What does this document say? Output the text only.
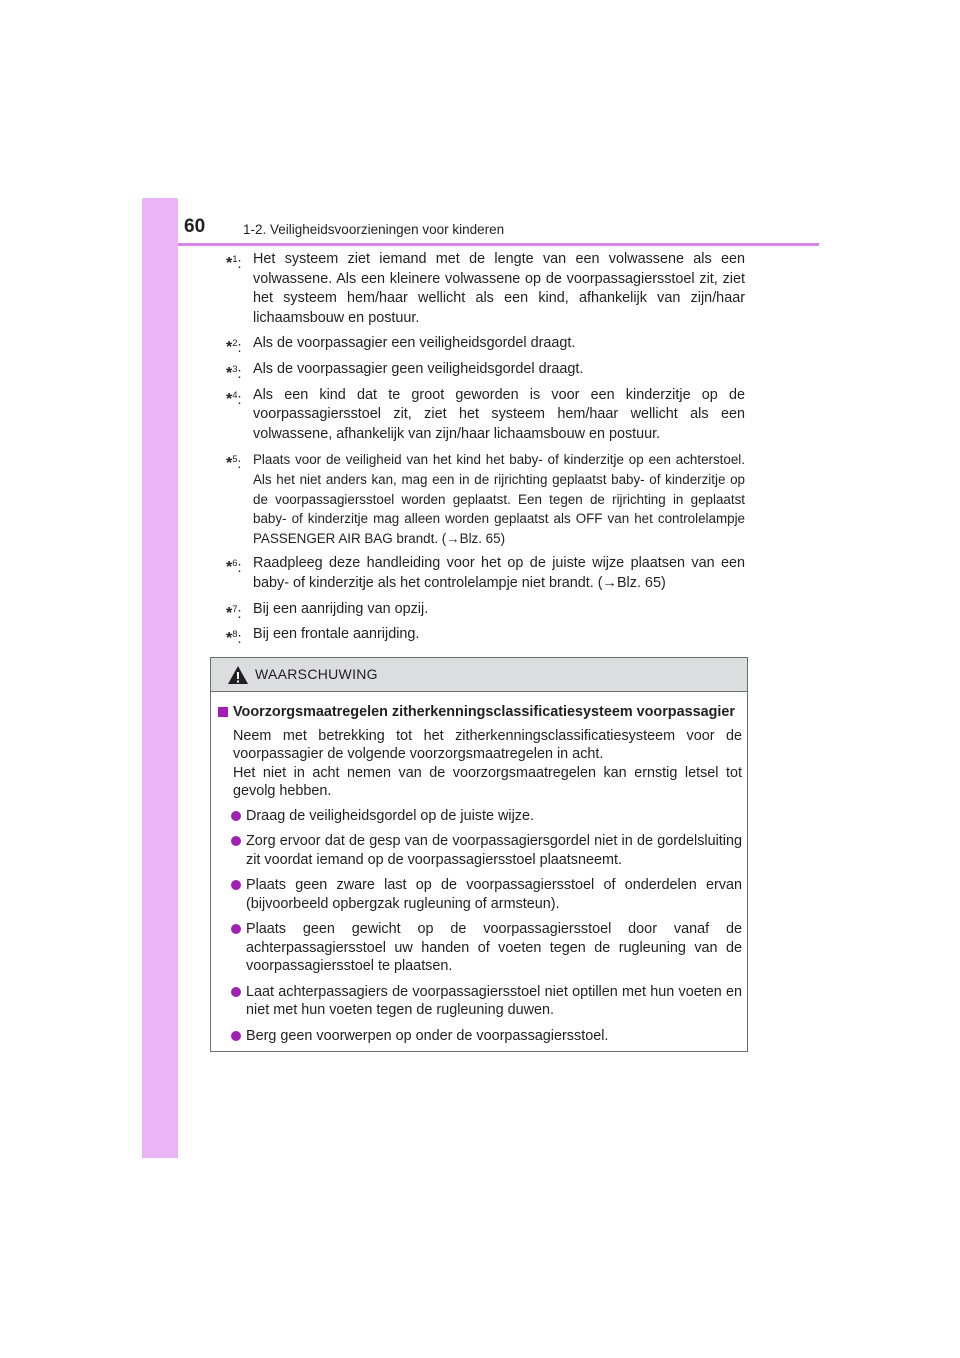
60	1-2. Veiligheidsvoorzieningen voor kinderen
*$^1$: Het systeem ziet iemand met de lengte van een volwassene als een volwassene. Als een kleinere volwassene op de voorpassagiersstoel zit, ziet het systeem hem/haar wellicht als een kind, afhankelijk van zijn/haar lichaamsbouw en postuur.
*$^2$: Als de voorpassagier een veiligheidsgordel draagt.
*$^3$: Als de voorpassagier geen veiligheidsgordel draagt.
*$^4$: Als een kind dat te groot geworden is voor een kinderzitje op de voorpassagiersstoel zit, ziet het systeem hem/haar wellicht als een volwassene, afhankelijk van zijn/haar lichaamsbouw en postuur.
*$^5$: Plaats voor de veiligheid van het kind het baby- of kinderzitje op een achterstoel. Als het niet anders kan, mag een in de rijrichting geplaatst baby- of kinderzitje op de voorpassagiersstoel worden geplaatst. Een tegen de rijrichting in geplaatst baby- of kinderzitje mag alleen worden geplaatst als OFF van het controlelampje PASSENGER AIR BAG brandt. (→Blz. 65)
*$^6$: Raadpleeg deze handleiding voor het op de juiste wijze plaatsen van een baby- of kinderzitje als het controlelampje niet brandt. (→Blz. 65)
*$^7$: Bij een aanrijding van opzij.
*$^8$: Bij een frontale aanrijding.
WAARSCHUWING
Voorzorgsmaatregelen zitherkenningsclassificatiesysteem voorpassagier
Neem met betrekking tot het zitherkenningsclassificatiesysteem voor de voorpassagier de volgende voorzorgsmaatregelen in acht.
Het niet in acht nemen van de voorzorgsmaatregelen kan ernstig letsel tot gevolg hebben.
Draag de veiligheidsgordel op de juiste wijze.
Zorg ervoor dat de gesp van de voorpassagiersgordel niet in de gordelsluiting zit voordat iemand op de voorpassagiersstoel plaatsneemt.
Plaats geen zware last op de voorpassagiersstoel of onderdelen ervan (bijvoorbeeld opbergzak rugleuning of armsteun).
Plaats geen gewicht op de voorpassagiersstoel door vanaf de achterpassagiersstoel uw handen of voeten tegen de rugleuning van de voorpassagiersstoel te plaatsen.
Laat achterpassagiers de voorpassagiersstoel niet optillen met hun voeten en niet met hun voeten tegen de rugleuning duwen.
Berg geen voorwerpen op onder de voorpassagiersstoel.
